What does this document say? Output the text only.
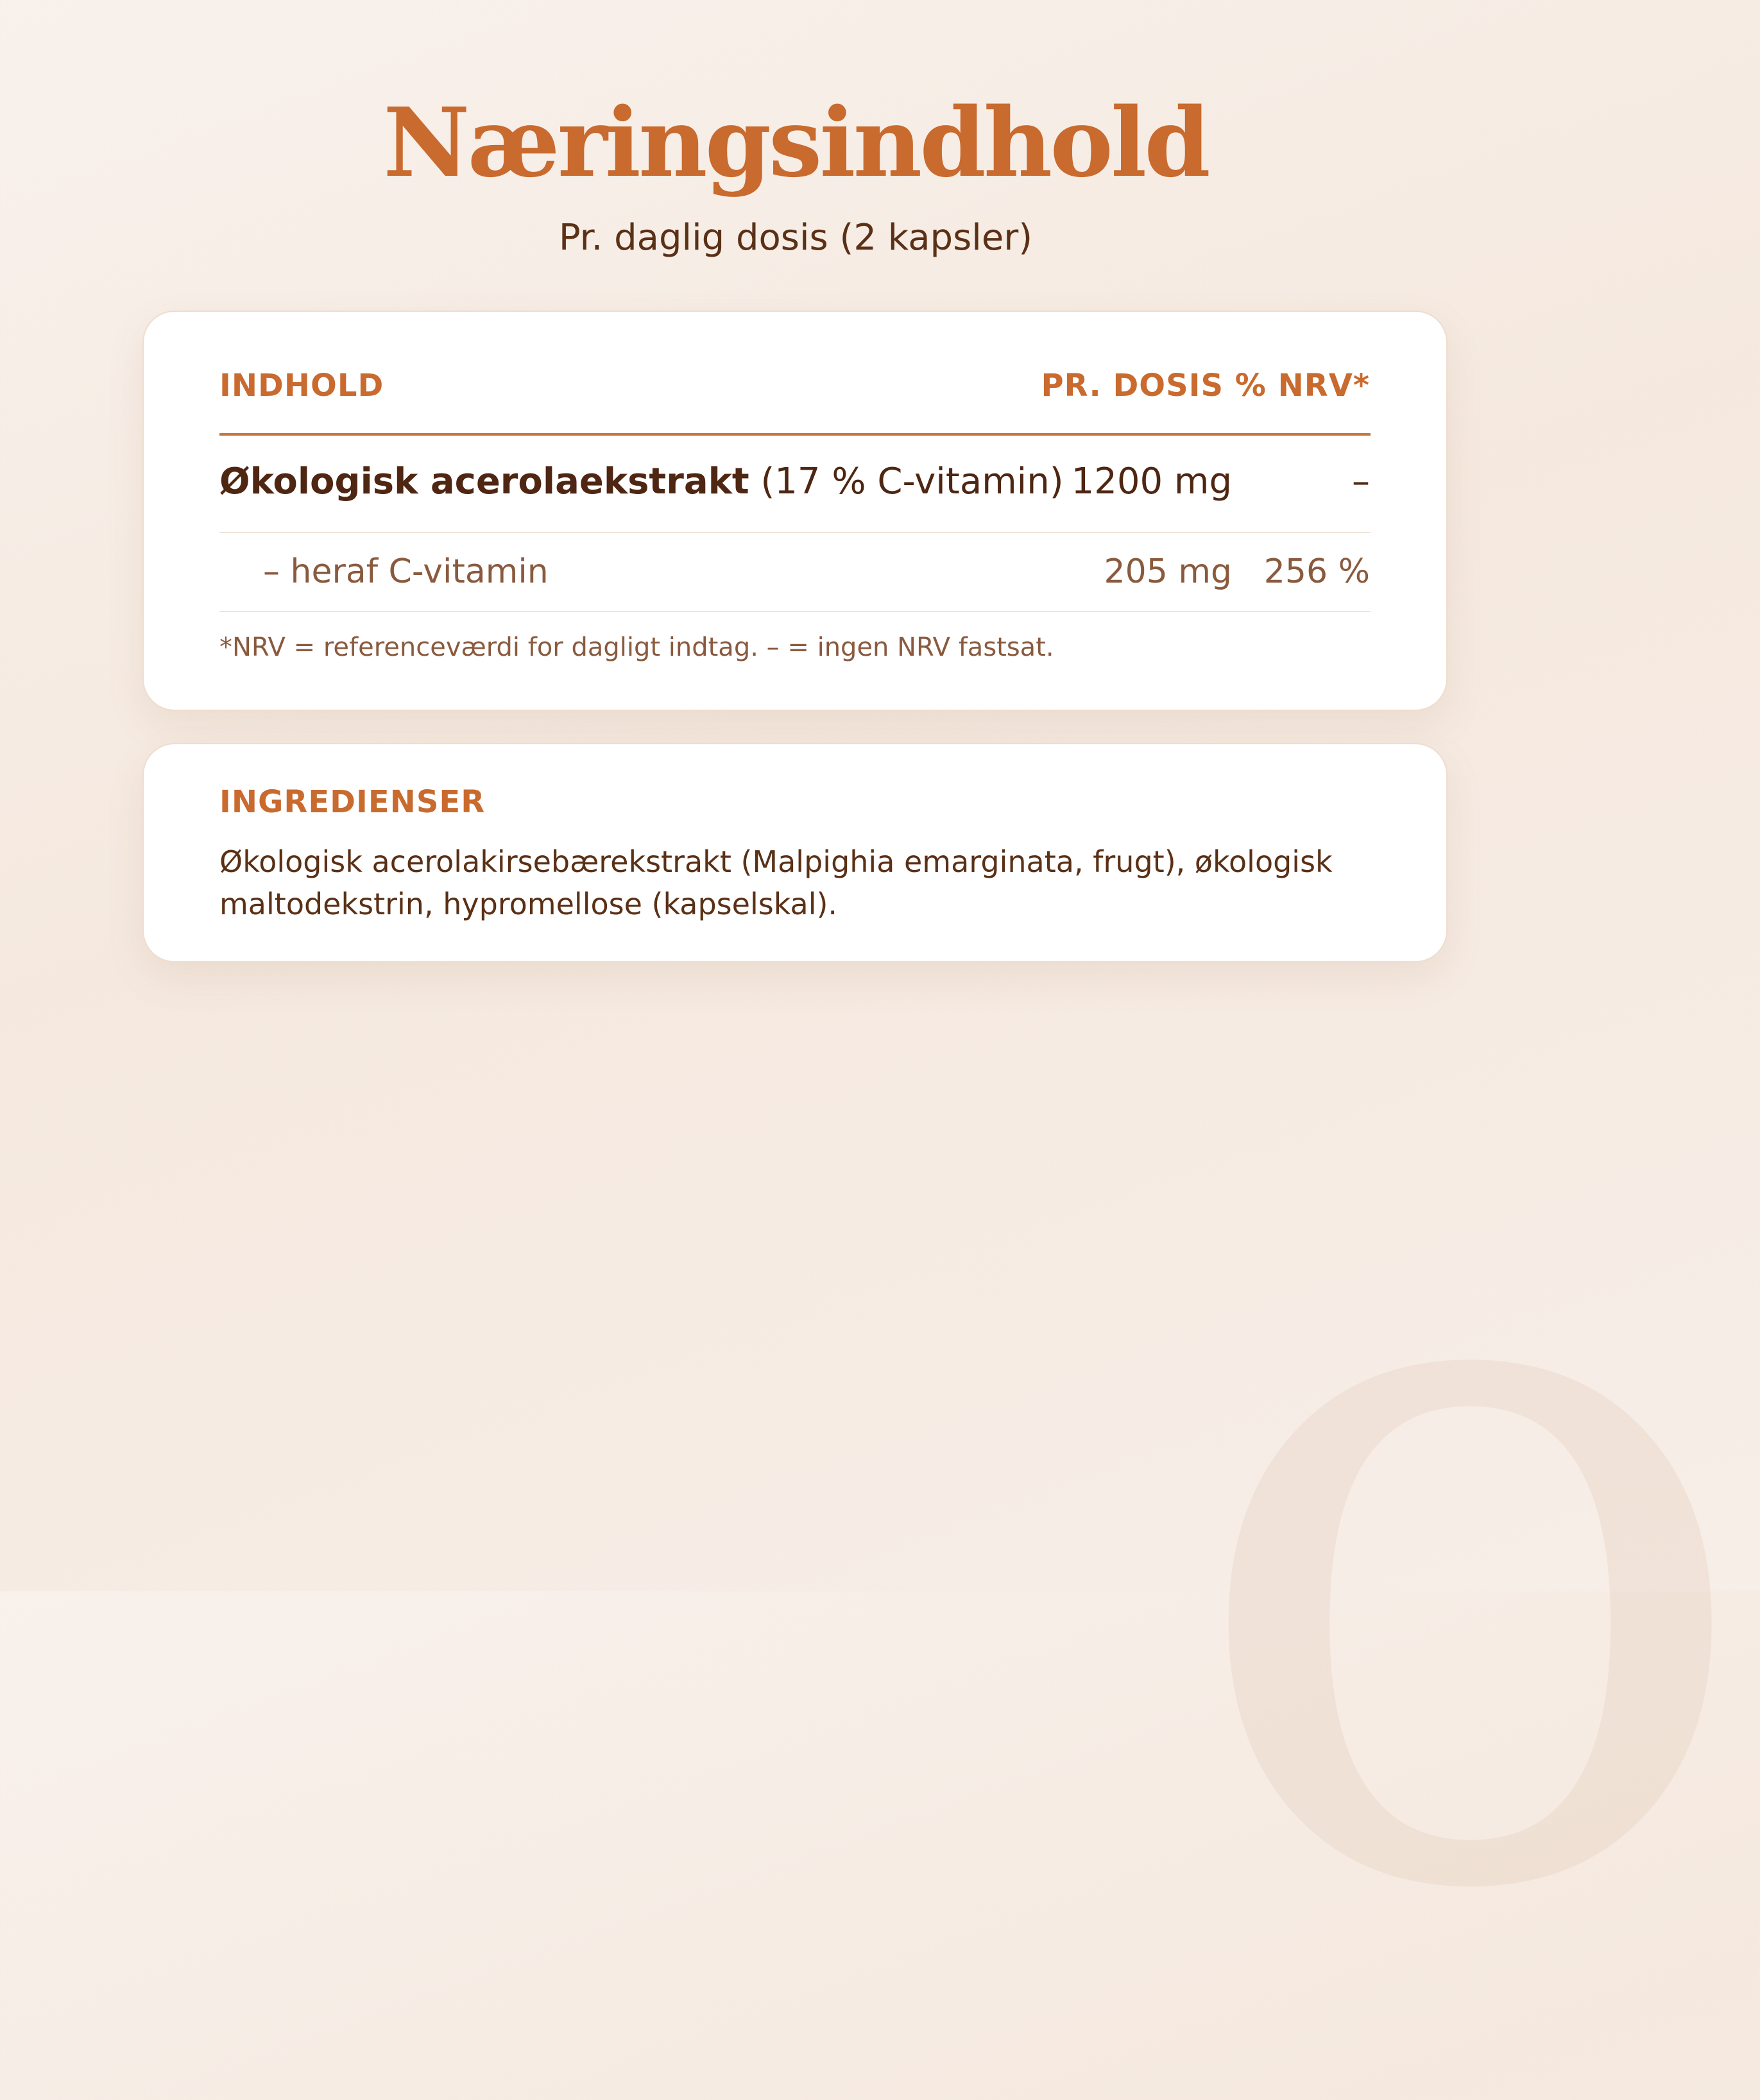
o
Næringsindhold

Pr. daglig dosis (2 kapsler)

INDHOLD	PR. DOSIS % NRV*
Økologisk acerolaekstrakt (17 % C-vitamin) 1200 mg	–
– heraf C-vitamin	205 mg 256 %
*NRV = referenceværdi for dagligt indtag. – = ingen NRV fastsat.
INGREDIENSER

Økologisk acerolakirsebærekstrakt (Malpighia emarginata, frugt), økologisk maltodekstrin, hypromellose (kapselskal).
